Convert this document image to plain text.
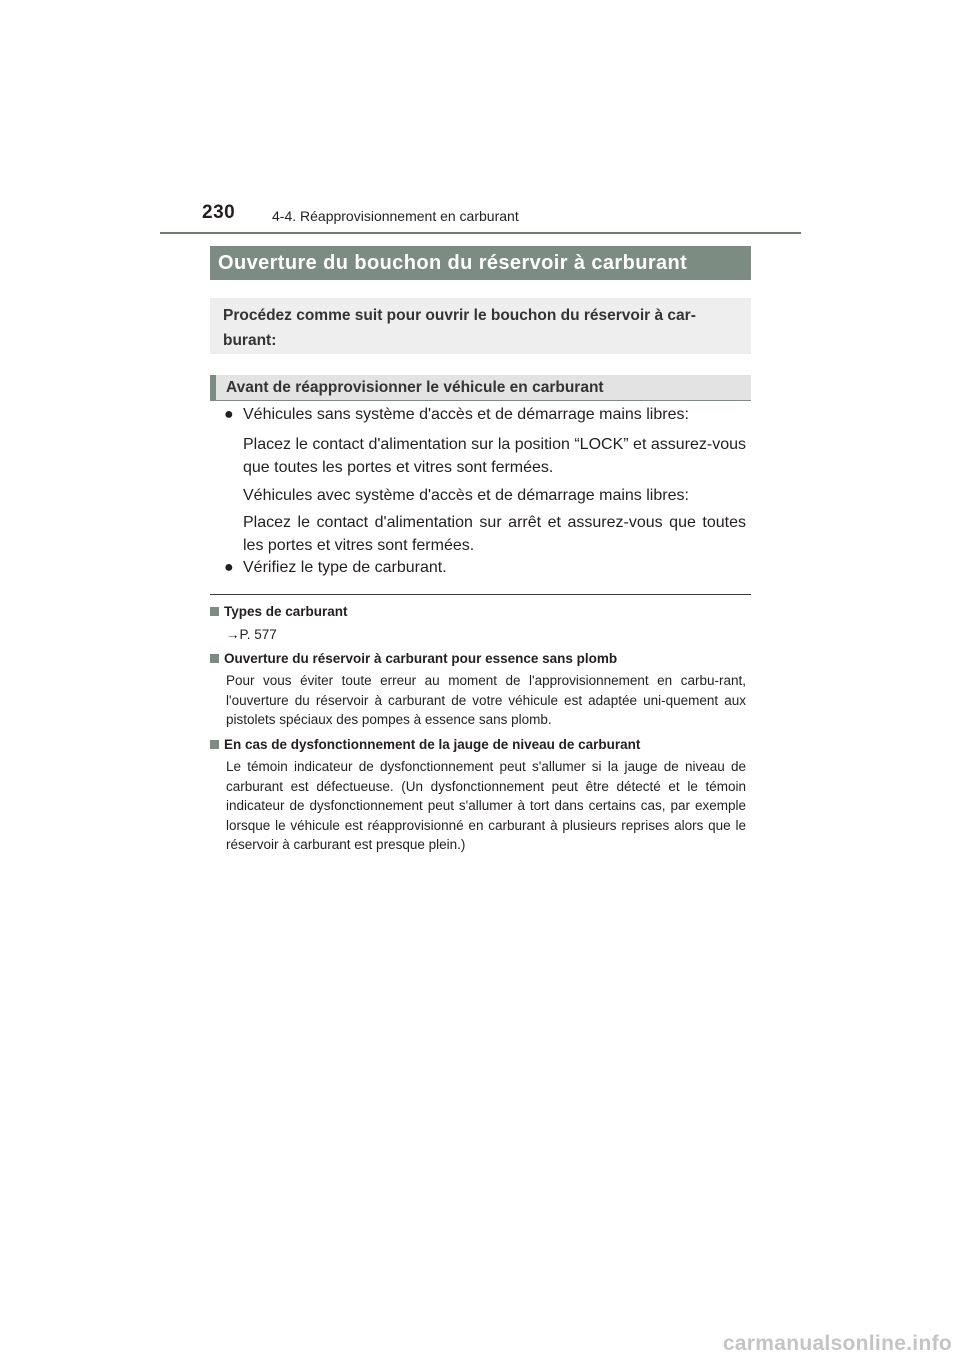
230	4-4. Réapprovisionnement en carburant
Ouverture du bouchon du réservoir à carburant
Procédez comme suit pour ouvrir le bouchon du réservoir à car-
burant:
Avant de réapprovisionner le véhicule en carburant
● Véhicules sans système d'accès et de démarrage mains libres:
Placez le contact d'alimentation sur la position “LOCK” et assurez-vous que toutes les portes et vitres sont fermées.
Véhicules avec système d'accès et de démarrage mains libres:
Placez le contact d'alimentation sur arrêt et assurez-vous que toutes les portes et vitres sont fermées.
● Vérifiez le type de carburant.
Types de carburant
→P. 577
Ouverture du réservoir à carburant pour essence sans plomb
Pour vous éviter toute erreur au moment de l'approvisionnement en carbu-rant, l'ouverture du réservoir à carburant de votre véhicule est adaptée uni-quement aux pistolets spéciaux des pompes à essence sans plomb.
En cas de dysfonctionnement de la jauge de niveau de carburant
Le témoin indicateur de dysfonctionnement peut s'allumer si la jauge de niveau de carburant est défectueuse. (Un dysfonctionnement peut être détecté et le témoin indicateur de dysfonctionnement peut s'allumer à tort dans certains cas, par exemple lorsque le véhicule est réapprovisionné en carburant à plusieurs reprises alors que le réservoir à carburant est presque plein.)
carmanualsonline.info
